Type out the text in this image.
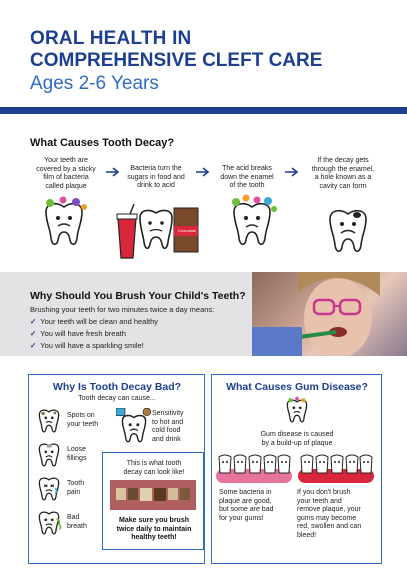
ORAL HEALTH IN
COMPREHENSIVE CLEFT CARE
Ages 2-6 Years
What Causes Tooth Decay?
Your teeth are
covered by a sticky
film of bacteria
called plaque
Bacteria turn the
sugars in food and
drink to acid
The acid breaks
down the enamel
of the tooth
If the decay gets
through the enamel,
a hole known as a
cavity can form
Chocolate
Why Should You Brush Your Child's Teeth?
Brushing your teeth for two minutes twice a day means:
✓ Your teeth will be clean and healthy
✓ You will have fresh breath
✓ You will have a sparkling smile!
Why Is Tooth Decay Bad?
Tooth decay can cause...
Spots on
your teeth
Loose
fillings
Tooth
pain
Bad
breath
Sensitivity
to hot and
cold food
and drink
This is what tooth
decay can look like!
Make sure you brush
twice daily to maintain
healthy teeth!
What Causes Gum Disease?
Gum disease is caused
by a build-up of plaque
Some bacteria in
plaque are good,
but some are bad
for your gums!
If you don't brush
your teeth and
remove plaque, your
gums may become
red, swollen and can
bleed!
